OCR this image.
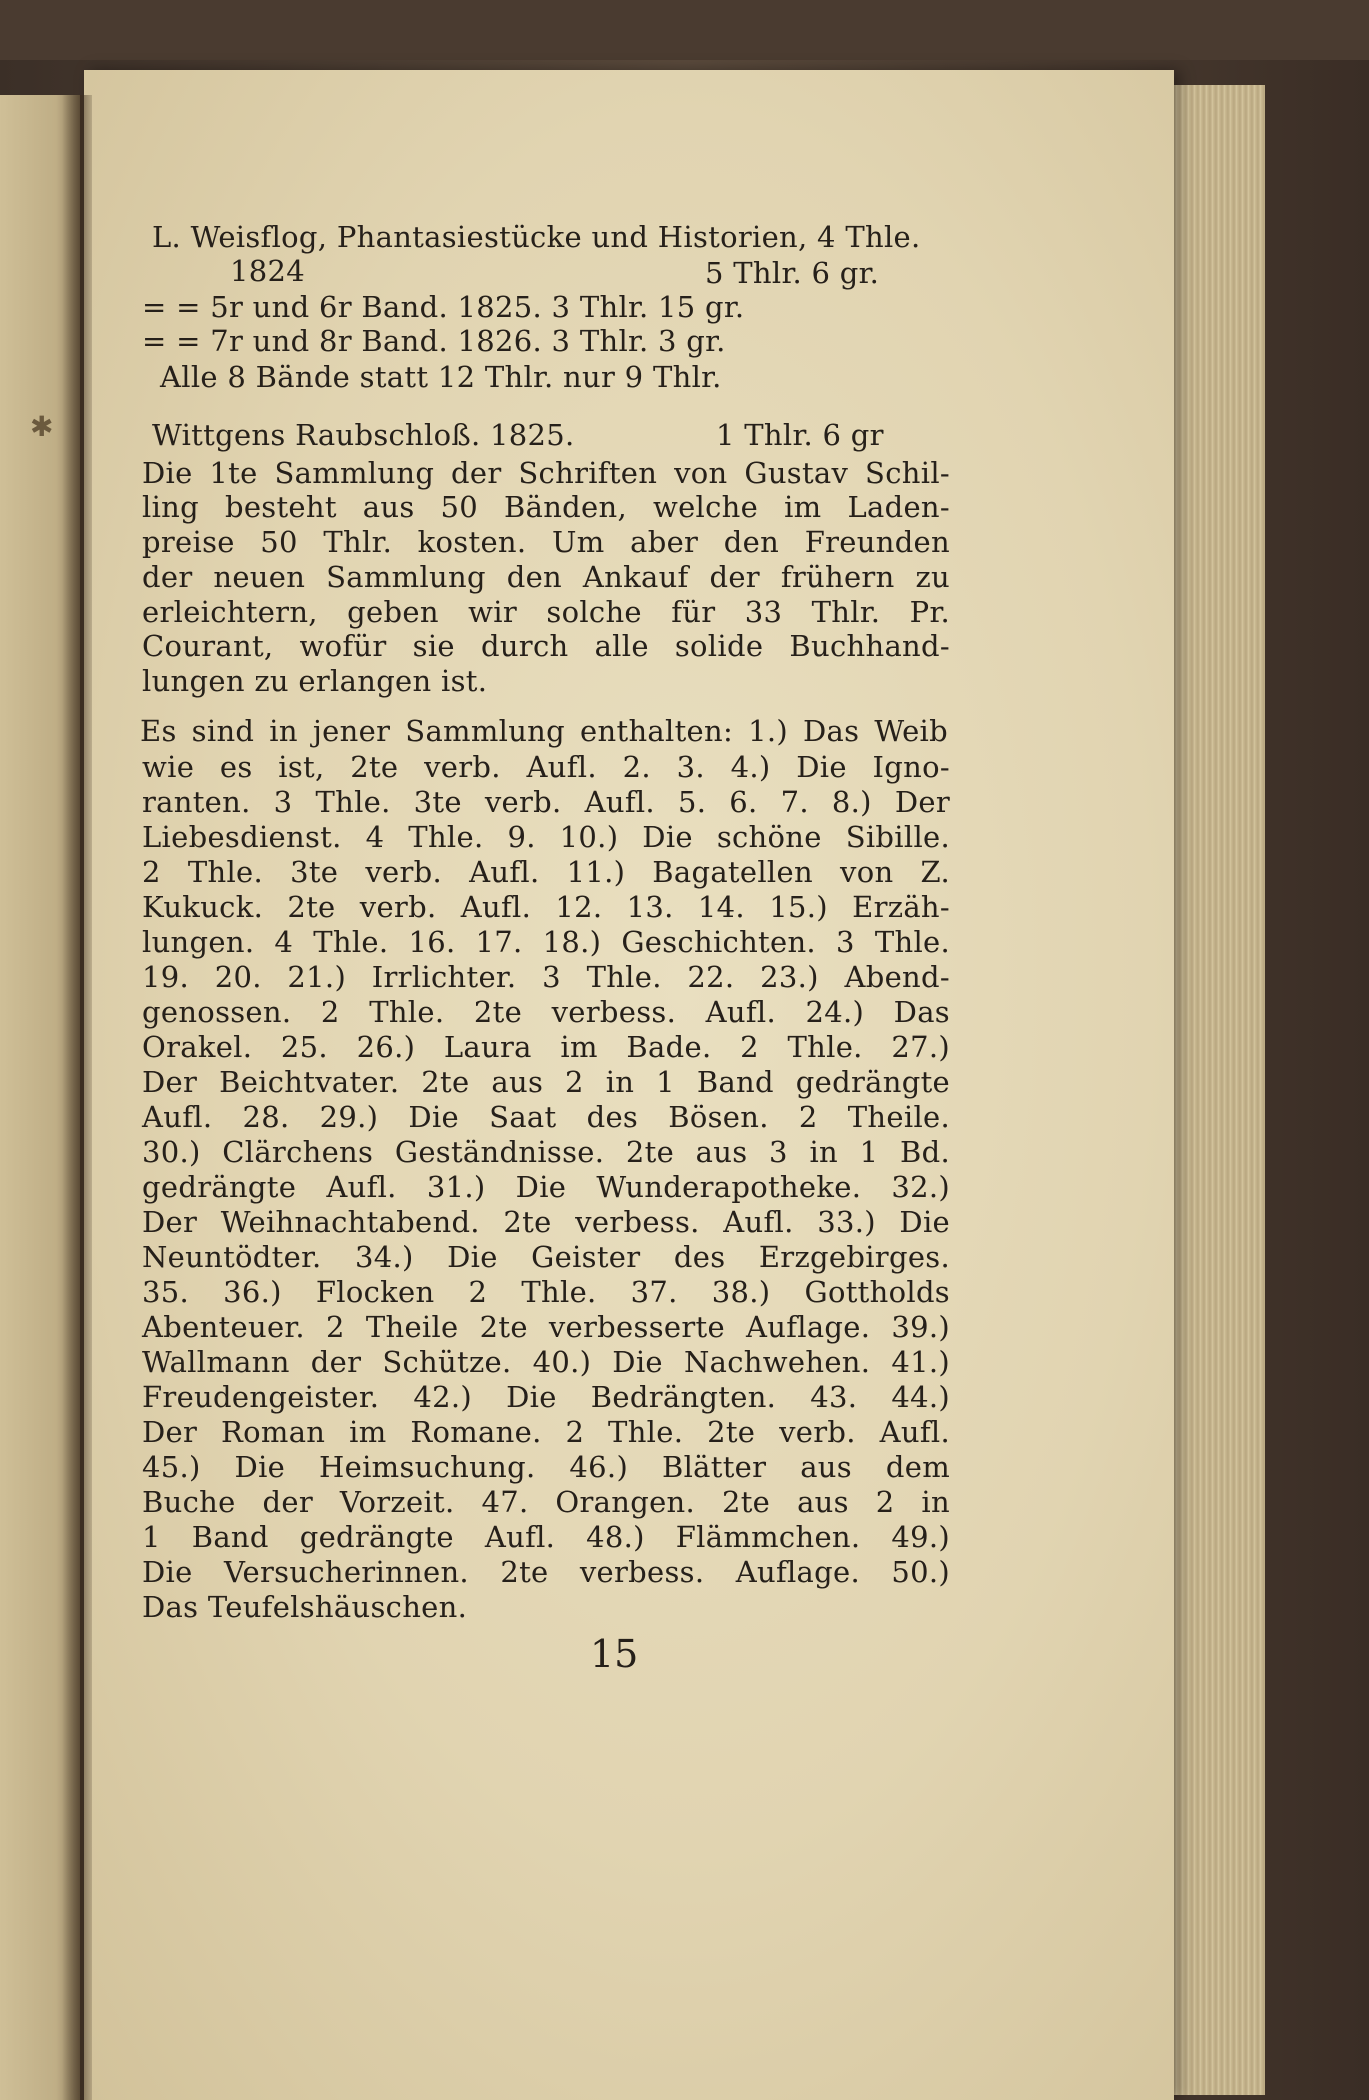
✱
L. Weisflog, Phantasiestücke und Historien, 4 Thle.
1824	5 Thlr. 6 gr.
= = 5r und 6r Band. 1825. 3 Thlr. 15 gr.
= = 7r und 8r Band. 1826. 3 Thlr. 3 gr.
Alle 8 Bände statt 12 Thlr. nur 9 Thlr.
Wittgens Raubschloß. 1825.	1 Thlr. 6 gr
Die 1te Sammlung der Schriften von Gustav Schil-
ling besteht aus 50 Bänden, welche im Laden-
preise 50 Thlr. kosten. Um aber den Freunden
der neuen Sammlung den Ankauf der frühern zu
erleichtern, geben wir solche für 33 Thlr. Pr.
Courant, wofür sie durch alle solide Buchhand-
lungen zu erlangen ist.
Es sind in jener Sammlung enthalten: 1.) Das Weib
wie es ist, 2te verb. Aufl. 2. 3. 4.) Die Igno-
ranten. 3 Thle. 3te verb. Aufl. 5. 6. 7. 8.) Der
Liebesdienst. 4 Thle. 9. 10.) Die schöne Sibille.
2 Thle. 3te verb. Aufl. 11.) Bagatellen von Z.
Kukuck. 2te verb. Aufl. 12. 13. 14. 15.) Erzäh-
lungen. 4 Thle. 16. 17. 18.) Geschichten. 3 Thle.
19. 20. 21.) Irrlichter. 3 Thle. 22. 23.) Abend-
genossen. 2 Thle. 2te verbess. Aufl. 24.) Das
Orakel. 25. 26.) Laura im Bade. 2 Thle. 27.)
Der Beichtvater. 2te aus 2 in 1 Band gedrängte
Aufl. 28. 29.) Die Saat des Bösen. 2 Theile.
30.) Clärchens Geständnisse. 2te aus 3 in 1 Bd.
gedrängte Aufl. 31.) Die Wunderapotheke. 32.)
Der Weihnachtabend. 2te verbess. Aufl. 33.) Die
Neuntödter. 34.) Die Geister des Erzgebirges.
35. 36.) Flocken 2 Thle. 37. 38.) Gottholds
Abenteuer. 2 Theile 2te verbesserte Auflage. 39.)
Wallmann der Schütze. 40.) Die Nachwehen. 41.)
Freudengeister. 42.) Die Bedrängten. 43. 44.)
Der Roman im Romane. 2 Thle. 2te verb. Aufl.
45.) Die Heimsuchung. 46.) Blätter aus dem
Buche der Vorzeit. 47. Orangen. 2te aus 2 in
1 Band gedrängte Aufl. 48.) Flämmchen. 49.)
Die Versucherinnen. 2te verbess. Auflage. 50.)
Das Teufelshäuschen.
15
